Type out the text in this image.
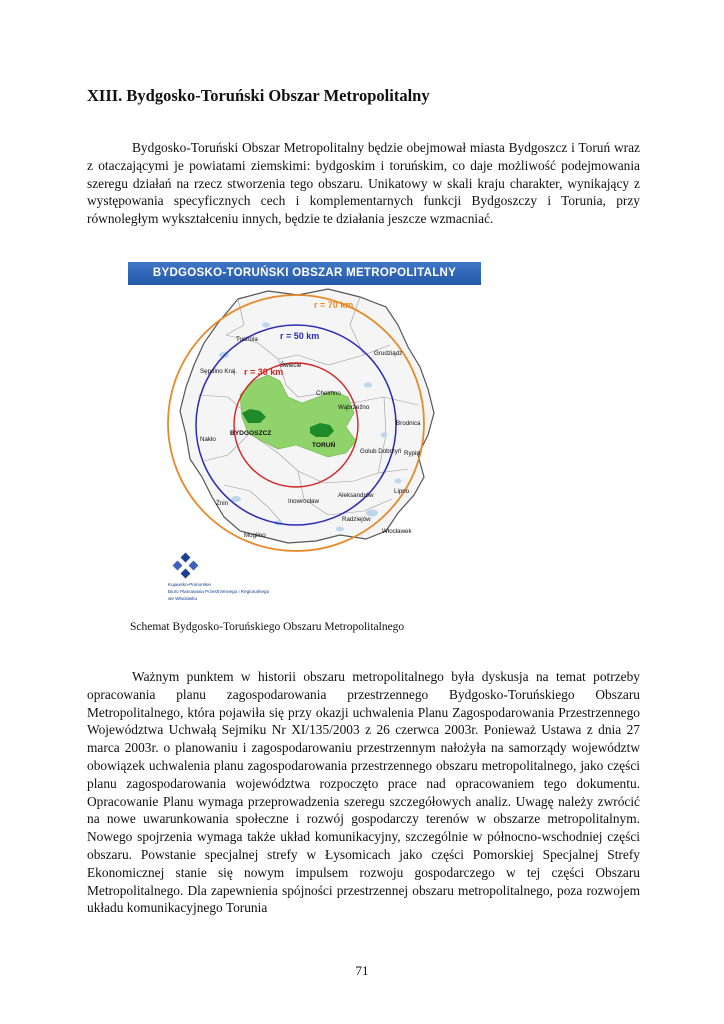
XIII. Bydgosko-Toruński Obszar Metropolitalny

Bydgosko-Toruński Obszar Metropolitalny będzie obejmował miasta Bydgoszcz i Toruń wraz z otaczającymi je powiatami ziemskimi: bydgoskim i toruńskim, co daje możliwość podejmowania szeregu działań na rzecz stworzenia tego obszaru. Unikatowy w skali kraju charakter, wynikający z występowania specyficznych cech i komplementarnych funkcji Bydgoszczy i Torunia, przy równoległym wykształceniu innych, będzie te działania jeszcze wzmacniać.

BYDGOSKO-TORUŃSKI OBSZAR METROPOLITALNY
r = 70 km
r = 50 km
r = 30 km
Tuchola
Grudziądz
Sępólno Kraj.
Świecie
Chełmno
Wąbrzeźno
Brodnica
Nakło
BYDGOSZCZ
TORUŃ
Golub Dobrzyń Rypin
Żnin	Inowrocław
Aleksandrów
Lipno
Radziejów
Mogilno
Włocławek
Kujawsko-Pomorskie
Biuro Planowania Przestrzennego i Regionalnego
we Włocławku
Schemat Bydgosko-Toruńskiego Obszaru Metropolitalnego

Ważnym punktem w historii obszaru metropolitalnego była dyskusja na temat potrzeby opracowania planu zagospodarowania przestrzennego Bydgosko-Toruńskiego Obszaru Metropolitalnego, która pojawiła się przy okazji uchwalenia Planu Zagospodarowania Przestrzennego Województwa Uchwałą Sejmiku Nr XI/135/2003 z 26 czerwca 2003r. Ponieważ Ustawa z dnia 27 marca 2003r. o planowaniu i zagospodarowaniu przestrzennym nałożyła na samorządy województw obowiązek uchwalenia planu zagospodarowania przestrzennego obszaru metropolitalnego, jako części planu zagospodarowania województwa rozpoczęto prace nad opracowaniem tego dokumentu. Opracowanie Planu wymaga przeprowadzenia szeregu szczegółowych analiz. Uwagę należy zwrócić na nowe uwarunkowania społeczne i rozwój gospodarczy terenów w obszarze metropolitalnym. Nowego spojrzenia wymaga także układ komunikacyjny, szczególnie w północno-wschodniej części obszaru. Powstanie specjalnej strefy w Łysomicach jako części Pomorskiej Specjalnej Strefy Ekonomicznej stanie się nowym impulsem rozwoju gospodarczego w tej części Obszaru Metropolitalnego. Dla zapewnienia spójności przestrzennej obszaru metropolitalnego, poza rozwojem układu komunikacyjnego Torunia

71
